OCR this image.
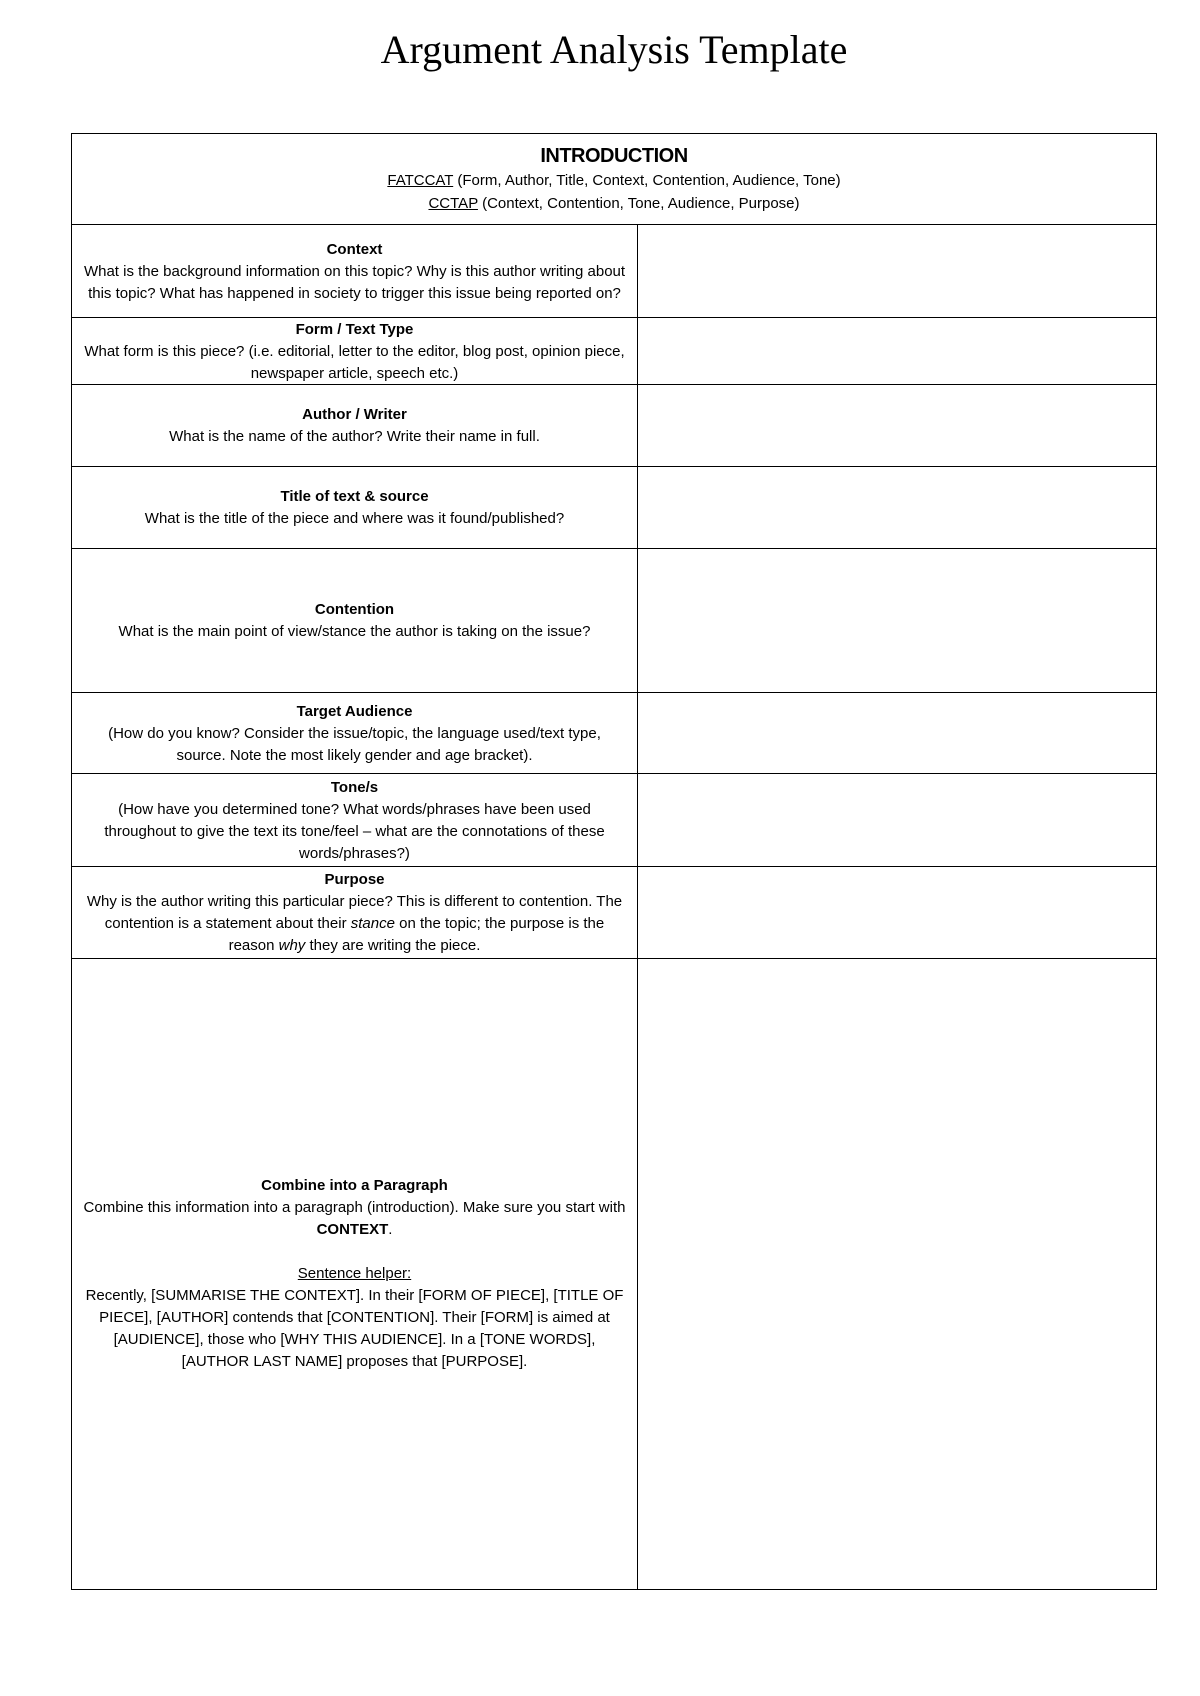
Argument Analysis Template
INTRODUCTION
FATCCAT (Form, Author, Title, Context, Contention, Audience, Tone)
CCTAP (Context, Contention, Tone, Audience, Purpose)
Context
What is the background information on this topic? Why is this author writing about this topic? What has happened in society to trigger this issue being reported on?
Form / Text Type
What form is this piece? (i.e. editorial, letter to the editor, blog post, opinion piece, newspaper article, speech etc.)
Author / Writer
What is the name of the author? Write their name in full.
Title of text & source
What is the title of the piece and where was it found/published?
Contention
What is the main point of view/stance the author is taking on the issue?
Target Audience
(How do you know? Consider the issue/topic, the language used/text type, source. Note the most likely gender and age bracket).
Tone/s
(How have you determined tone? What words/phrases have been used throughout to give the text its tone/feel – what are the connotations of these words/phrases?)
Purpose
Why is the author writing this particular piece? This is different to contention. The contention is a statement about their stance on the topic; the purpose is the reason why they are writing the piece.
Combine into a Paragraph
Combine this information into a paragraph (introduction). Make sure you start with CONTEXT.
Sentence helper:
Recently, [SUMMARISE THE CONTEXT]. In their [FORM OF PIECE], [TITLE OF PIECE], [AUTHOR] contends that [CONTENTION]. Their [FORM] is aimed at [AUDIENCE], those who [WHY THIS AUDIENCE]. In a [TONE WORDS], [AUTHOR LAST NAME] proposes that [PURPOSE].
